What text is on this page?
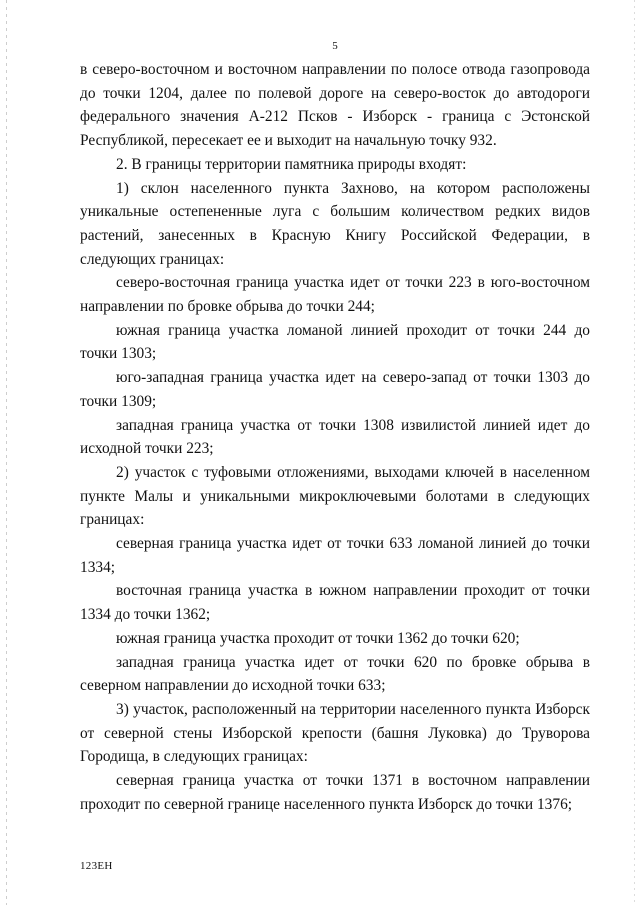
5

в северо-восточном и восточном направлении по полосе отвода газопровода до точки 1204, далее по полевой дороге на северо-восток до автодороги федерального значения А-212 Псков - Изборск - граница с Эстонской Республикой, пересекает ее и выходит на начальную точку 932.

2. В границы территории памятника природы входят:

1) склон населенного пункта Захново, на котором расположены уникальные остепененные луга с большим количеством редких видов растений, занесенных в Красную Книгу Российской Федерации, в следующих границах:

северо-восточная граница участка идет от точки 223 в юго-восточном направлении по бровке обрыва до точки 244;

южная граница участка ломаной линией проходит от точки 244 до точки 1303;

юго-западная граница участка идет на северо-запад от точки 1303 до точки 1309;

западная граница участка от точки 1308 извилистой линией идет до исходной точки 223;

2) участок с туфовыми отложениями, выходами ключей в населенном пункте Малы и уникальными микроключевыми болотами в следующих границах:

северная граница участка идет от точки 633 ломаной линией до точки 1334;

восточная граница участка в южном направлении проходит от точки 1334 до точки 1362;

южная граница участка проходит от точки 1362 до точки 620;

западная граница участка идет от точки 620 по бровке обрыва в северном направлении до исходной точки 633;

3) участок, расположенный на территории населенного пункта Изборск от северной стены Изборской крепости (башня Луковка) до Труворова Городища, в следующих границах:

северная граница участка от точки 1371 в восточном направлении проходит по северной границе населенного пункта Изборск до точки 1376;

123ЕН
